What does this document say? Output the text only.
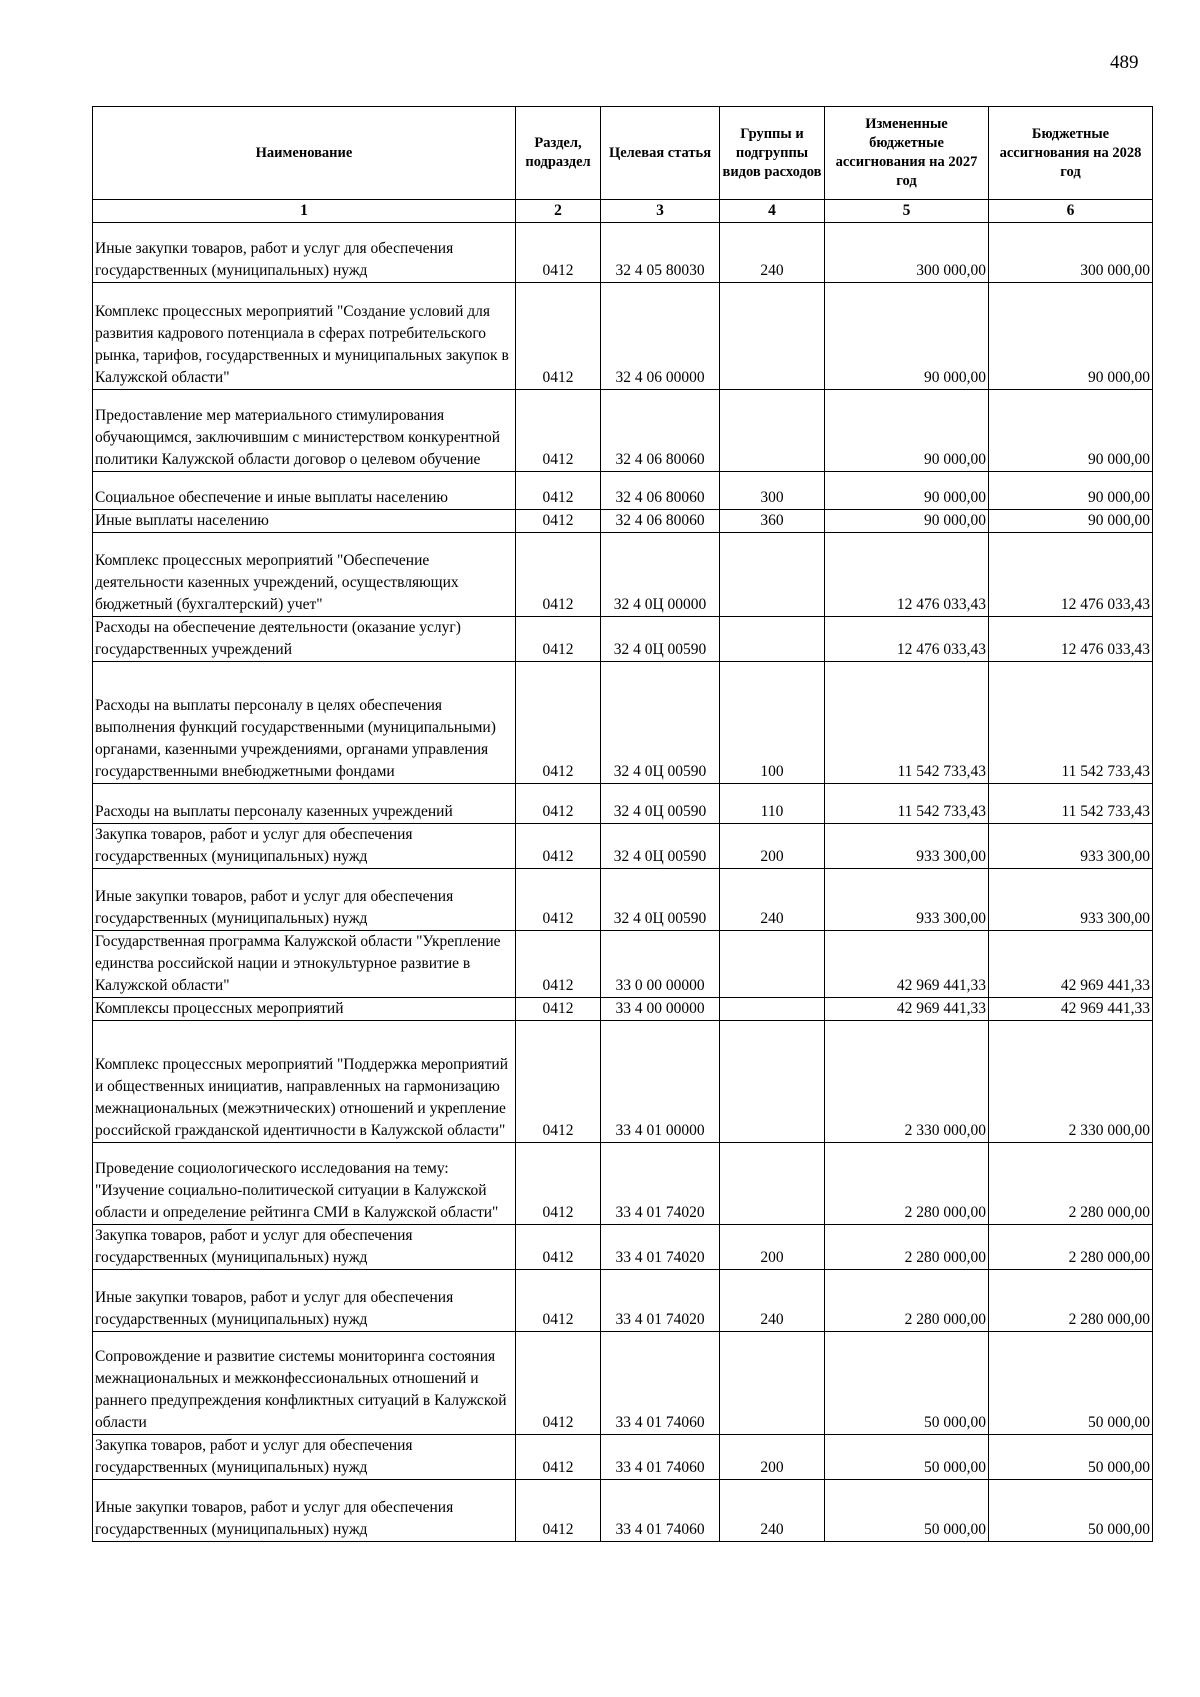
489
Наименование	Раздел, подраздел	Целевая статья	Группы и подгруппы видов расходов	Измененные бюджетные ассигнования на 2027 год	Бюджетные ассигнования на 2028 год
1	2	3	4	5	6
Иные закупки товаров, работ и услуг для обеспечения государственных (муниципальных) нужд	0412	32 4 05 80030	240	300 000,00	300 000,00
Комплекс процессных мероприятий "Создание условий для развития кадрового потенциала в сферах потребительского рынка, тарифов, государственных и муниципальных закупок в Калужской области"	0412	32 4 06 00000		90 000,00	90 000,00
Предоставление мер материального стимулирования обучающимся, заключившим с министерством конкурентной политики Калужской области договор о целевом обучение	0412	32 4 06 80060		90 000,00	90 000,00
Социальное обеспечение и иные выплаты населению	0412	32 4 06 80060	300	90 000,00	90 000,00
Иные выплаты населению	0412	32 4 06 80060	360	90 000,00	90 000,00
Комплекс процессных мероприятий "Обеспечение деятельности казенных учреждений, осуществляющих бюджетный (бухгалтерский) учет"	0412	32 4 0Ц 00000		12 476 033,43	12 476 033,43
Расходы на обеспечение деятельности (оказание услуг) государственных учреждений	0412	32 4 0Ц 00590		12 476 033,43	12 476 033,43
Расходы на выплаты персоналу в целях обеспечения выполнения функций государственными (муниципальными) органами, казенными учреждениями, органами управления государственными внебюджетными фондами	0412	32 4 0Ц 00590	100	11 542 733,43	11 542 733,43
Расходы на выплаты персоналу казенных учреждений	0412	32 4 0Ц 00590	110	11 542 733,43	11 542 733,43
Закупка товаров, работ и услуг для обеспечения государственных (муниципальных) нужд	0412	32 4 0Ц 00590	200	933 300,00	933 300,00
Иные закупки товаров, работ и услуг для обеспечения государственных (муниципальных) нужд	0412	32 4 0Ц 00590	240	933 300,00	933 300,00
Государственная программа Калужской области "Укрепление единства российской нации и этнокультурное развитие в Калужской области"	0412	33 0 00 00000		42 969 441,33	42 969 441,33
Комплексы процессных мероприятий	0412	33 4 00 00000		42 969 441,33	42 969 441,33
Комплекс процессных мероприятий "Поддержка мероприятий и общественных инициатив, направленных на гармонизацию межнациональных (межэтнических) отношений и укрепление российской гражданской идентичности в Калужской области"	0412	33 4 01 00000		2 330 000,00	2 330 000,00
Проведение социологического исследования на тему: "Изучение социально-политической ситуации в Калужской области и определение рейтинга СМИ в Калужской области"	0412	33 4 01 74020		2 280 000,00	2 280 000,00
Закупка товаров, работ и услуг для обеспечения государственных (муниципальных) нужд	0412	33 4 01 74020	200	2 280 000,00	2 280 000,00
Иные закупки товаров, работ и услуг для обеспечения государственных (муниципальных) нужд	0412	33 4 01 74020	240	2 280 000,00	2 280 000,00
Сопровождение и развитие системы мониторинга состояния межнациональных и межконфессиональных отношений и раннего предупреждения конфликтных ситуаций в Калужской области	0412	33 4 01 74060		50 000,00	50 000,00
Закупка товаров, работ и услуг для обеспечения государственных (муниципальных) нужд	0412	33 4 01 74060	200	50 000,00	50 000,00
Иные закупки товаров, работ и услуг для обеспечения государственных (муниципальных) нужд	0412	33 4 01 74060	240	50 000,00	50 000,00
